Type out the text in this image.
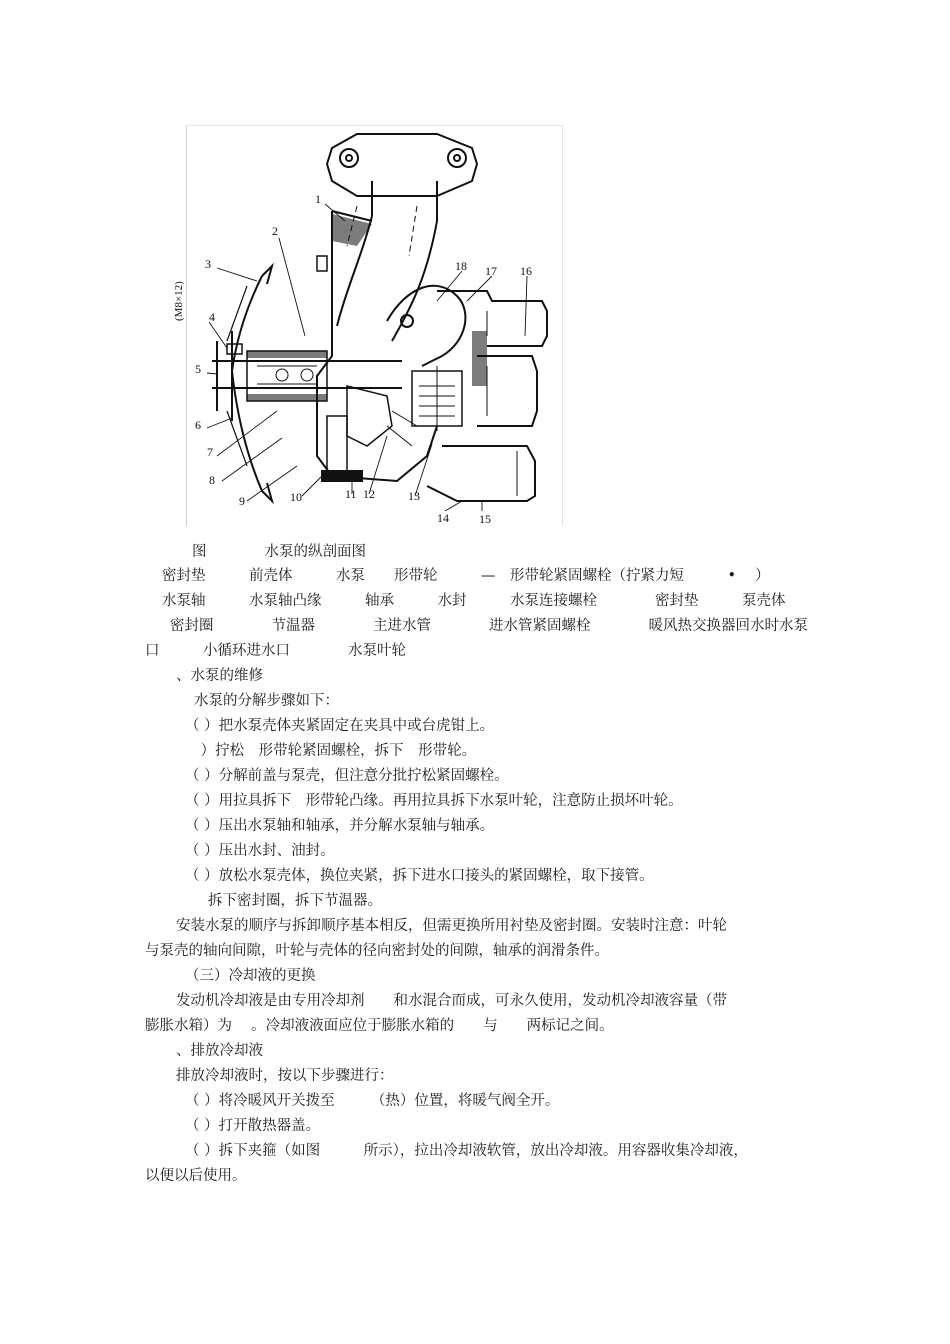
1
2
3
4
5
6
7
8
9	10	11 12	13
14	15
16
17
18
(M8×12)
图　　　　水泵的纵剖面图
密封垫　　　前壳体　　　水泵　　形带轮　　　—　形带轮紧固螺栓（拧紧力短　　　•　 ）
水泵轴　　　水泵轴凸缘　　　轴承　　　水封　　　水泵连接螺栓　　　　密封垫　　　泵壳体
密封圈　　　　节温器　　　　主进水管　　　　进水管紧固螺栓　　　　暖风热交换器回水时水泵
口　　　小循环进水口　　　　水泵叶轮
、水泵的维修
水泵的分解步骤如下：
（ ）把水泵壳体夹紧固定在夹具中或台虎钳上。
）拧松　形带轮紧固螺栓，拆下　形带轮。
（ ）分解前盖与泵壳，但注意分批拧松紧固螺栓。
（ ）用拉具拆下　形带轮凸缘。再用拉具拆下水泵叶轮，注意防止损坏叶轮。
（ ）压出水泵轴和轴承，并分解水泵轴与轴承。
（ ）压出水封、油封。
（ ）放松水泵壳体，换位夹紧，拆下进水口接头的紧固螺栓，取下接管。
拆下密封圈，拆下节温器。
安装水泵的顺序与拆卸顺序基本相反，但需更换所用衬垫及密封圈。安装时注意：叶轮
与泵壳的轴向间隙，叶轮与壳体的径向密封处的间隙，轴承的润滑条件。
（三）冷却液的更换
发动机冷却液是由专用冷却剂　　和水混合而成，可永久使用，发动机冷却液容量（带
膨胀水箱）为　 。冷却液液面应位于膨胀水箱的　　与　　两标记之间。
、排放冷却液
排放冷却液时，按以下步骤进行：
（ ）将冷暖风开关拨至　　　（热）位置，将暖气阀全开。
（ ）打开散热器盖。
（ ）拆下夹箍（如图　　　所示），拉出冷却液软管，放出冷却液。用容器收集冷却液，
以便以后使用。
